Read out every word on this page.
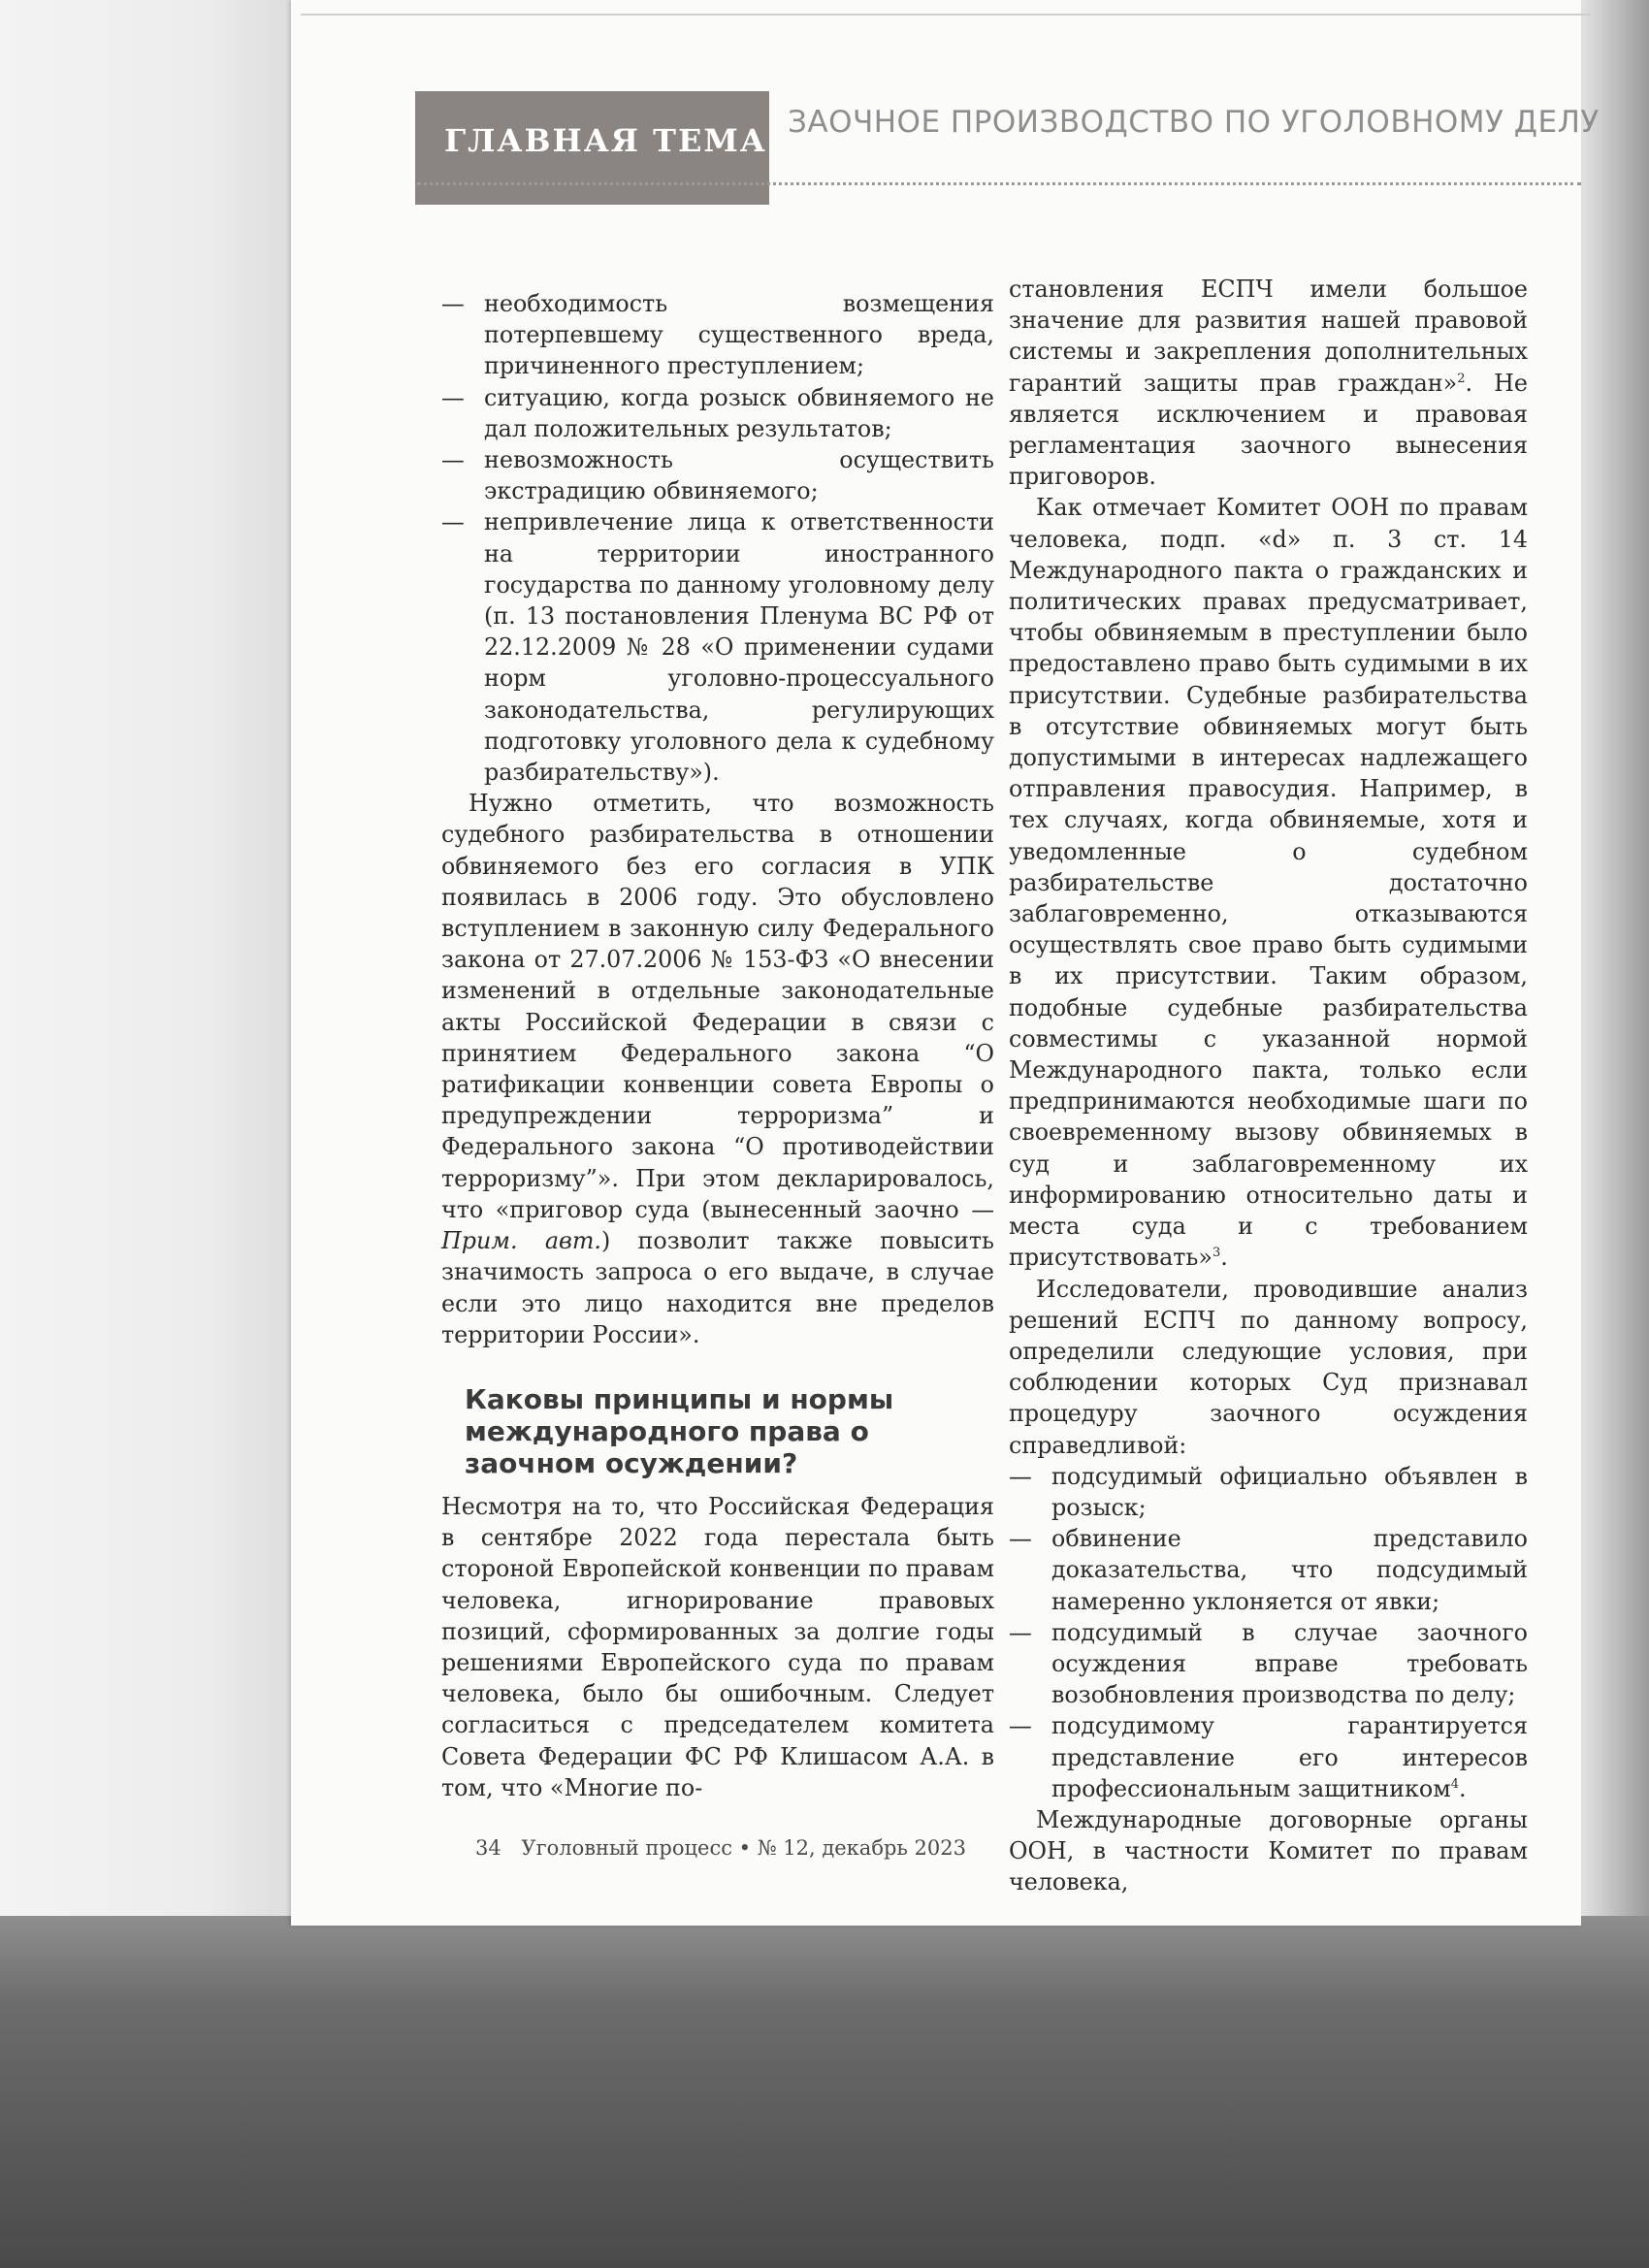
ГЛАВНАЯ ТЕМА ЗАОЧНОЕ ПРОИЗВОДСТВО ПО УГОЛОВНОМУ ДЕЛУ

— необходимость возмещения потерпевшему существенного вреда, причиненного преступлением;

— ситуацию, когда розыск обвиняемого не дал положительных результатов;

— невозможность осуществить экстрадицию обвиняемого;

— непривлечение лица к ответственности на территории иностранного государства по данному уголовному делу (п. 13 постановления Пленума ВС РФ от 22.12.2009 № 28 «О применении судами норм уголовно-процессуального законодательства, регулирующих подготовку уголовного дела к судебному разбирательству»).

Нужно отметить, что возможность судебного разбирательства в отношении обвиняемого без его согласия в УПК появилась в 2006 году. Это обусловлено вступлением в законную силу Федерального закона от 27.07.2006 № 153-ФЗ «О внесении изменений в отдельные законодательные акты Российской Федерации в связи с принятием Федерального закона “О ратификации конвенции совета Европы о предупреждении терроризма” и Федерального закона “О противодействии терроризму”». При этом декларировалось, что «приговор суда (вынесенный заочно — Прим. авт.) позволит также повысить значимость запроса о его выдаче, в случае если это лицо находится вне пределов территории России».

Каковы принципы и нормы международного права о заочном осуждении?

Несмотря на то, что Российская Федерация в сентябре 2022 года перестала быть стороной Европейской конвенции по правам человека, игнорирование правовых позиций, сформированных за долгие годы решениями Европейского суда по правам человека, было бы ошибочным. Следует согласиться с председателем комитета Совета Федерации ФС РФ Клишасом А.А. в том, что «Многие по-

становления ЕСПЧ имели большое значение для развития нашей правовой системы и закрепления дополнительных гарантий защиты прав граждан»$^2$. Не является исключением и правовая регламентация заочного вынесения приговоров.

Как отмечает Комитет ООН по правам человека, подп. «d» п. 3 ст. 14 Международного пакта о гражданских и политических правах предусматривает, чтобы обвиняемым в преступлении было предоставлено право быть судимыми в их присутствии. Судебные разбирательства в отсутствие обвиняемых могут быть допустимыми в интересах надлежащего отправления правосудия. Например, в тех случаях, когда обвиняемые, хотя и уведомленные о судебном разбирательстве достаточно заблаговременно, отказываются осуществлять свое право быть судимыми в их присутствии. Таким образом, подобные судебные разбирательства совместимы с указанной нормой Международного пакта, только если предпринимаются необходимые шаги по своевременному вызову обвиняемых в суд и заблаговременному их информированию относительно даты и места суда и с требованием присутствовать»$^3$.

Исследователи, проводившие анализ решений ЕСПЧ по данному вопросу, определили следующие условия, при соблюдении которых Суд признавал процедуру заочного осуждения справедливой:

— подсудимый официально объявлен в розыск;

— обвинение представило доказательства, что подсудимый намеренно уклоняется от явки;

— подсудимый в случае заочного осуждения вправе требовать возобновления производства по делу;

— подсудимому гарантируется представление его интересов профессиональным защитником$^4$.

Международные договорные органы ООН, в частности Комитет по правам человека,

34 Уголовный процесс • № 12, декабрь 2023
